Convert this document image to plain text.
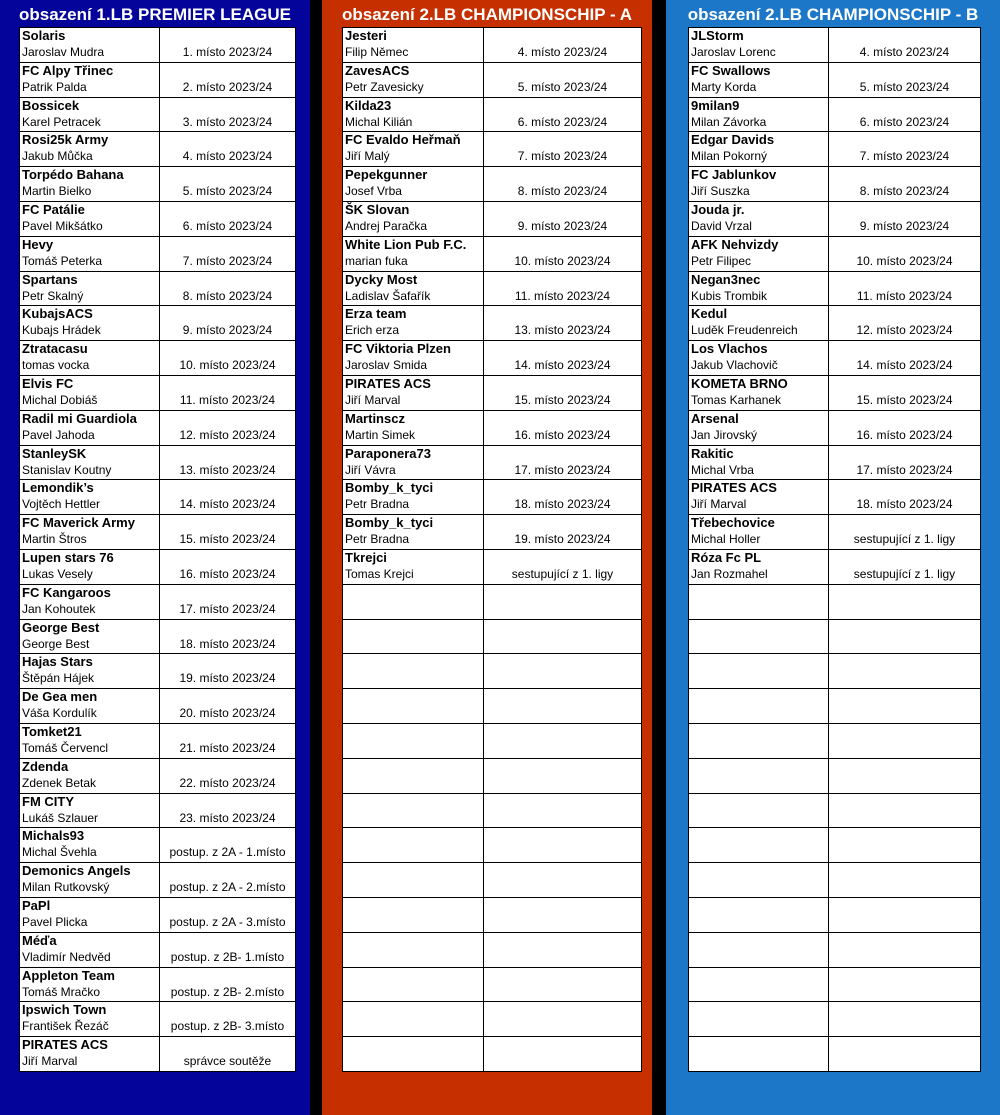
obsazení 1.LB PREMIER LEAGUE
Solaris
Jaroslav Mudra	1. místo 2023/24

FC Alpy Třinec
Patrik Palda	2. místo 2023/24

Bossicek
Karel Petracek	3. místo 2023/24

Rosi25k Army
Jakub Můčka	4. místo 2023/24

Torpédo Bahana
Martin Bielko	5. místo 2023/24

FC Patálie
Pavel Mikšátko	6. místo 2023/24

Hevy
Tomáš Peterka	7. místo 2023/24

Spartans
Petr Skalný	8. místo 2023/24

KubajsACS
Kubajs Hrádek	9. místo 2023/24

Ztratacasu
tomas vocka	10. místo 2023/24

Elvis FC
Michal Dobiáš	11. místo 2023/24

Radil mi Guardiola
Pavel Jahoda	12. místo 2023/24

StanleySK
Stanislav Koutny	13. místo 2023/24

Lemondik’s
Vojtěch Hettler	14. místo 2023/24

FC Maverick Army
Martin Štros	15. místo 2023/24

Lupen stars 76
Lukas Vesely	16. místo 2023/24

FC Kangaroos
Jan Kohoutek	17. místo 2023/24

George Best
George Best	18. místo 2023/24

Hajas Stars
Štěpán Hájek	19. místo 2023/24

De Gea men
Váša Kordulík	20. místo 2023/24

Tomket21
Tomáš Červencl	21. místo 2023/24

Zdenda
Zdenek Betak	22. místo 2023/24

FM CITY
Lukáš Szlauer	23. místo 2023/24

Michals93
Michal Švehla	postup. z 2A - 1.místo

Demonics Angels
Milan Rutkovský	postup. z 2A - 2.místo

PaPl
Pavel Plicka	postup. z 2A - 3.místo

Méďa
Vladimír Nedvěd	postup. z 2B- 1.místo

Appleton Team
Tomáš Mračko	postup. z 2B- 2.místo

Ipswich Town
František Řezáč	postup. z 2B- 3.místo

PIRATES ACS
Jiří Marval	správce soutěže
obsazení 2.LB CHAMPIONSCHIP - A
Jesteri
Filip Němec	4. místo 2023/24

ZavesACS
Petr Zavesicky	5. místo 2023/24

Kilda23
Michal Kilián	6. místo 2023/24

FC Evaldo Heřmaň
Jiří Malý	7. místo 2023/24

Pepekgunner
Josef Vrba	8. místo 2023/24

ŠK Slovan
Andrej Paračka	9. místo 2023/24

White Lion Pub F.C.
marian fuka	10. místo 2023/24

Dycky Most
Ladislav Šafařík	11. místo 2023/24

Erza team
Erich erza	13. místo 2023/24

FC Viktoria Plzen
Jaroslav Smida	14. místo 2023/24

PIRATES ACS
Jiří Marval	15. místo 2023/24

Martinscz
Martin Simek	16. místo 2023/24

Paraponera73
Jiří Vávra	17. místo 2023/24

Bomby_k_tyci
Petr Bradna	18. místo 2023/24

Bomby_k_tyci
Petr Bradna	19. místo 2023/24

Tkrejci
Tomas Krejci	sestupující z 1. ligy

obsazení 2.LB CHAMPIONSCHIP - B
JLStorm
Jaroslav Lorenc	4. místo 2023/24

FC Swallows
Marty Korda	5. místo 2023/24

9milan9
Milan Závorka	6. místo 2023/24

Edgar Davids
Milan Pokorný	7. místo 2023/24

FC Jablunkov
Jiří Suszka	8. místo 2023/24

Jouda jr.
David Vrzal	9. místo 2023/24

AFK Nehvizdy
Petr Filipec	10. místo 2023/24

Negan3nec
Kubis Trombik	11. místo 2023/24

Kedul
Luděk Freudenreich	12. místo 2023/24

Los Vlachos
Jakub Vlachovič	14. místo 2023/24

KOMETA BRNO
Tomas Karhanek	15. místo 2023/24

Arsenal
Jan Jirovský	16. místo 2023/24

Rakitic
Michal Vrba	17. místo 2023/24

PIRATES ACS
Jiří Marval	18. místo 2023/24

Třebechovice
Michal Holler	sestupující z 1. ligy

Róza Fc PL
Jan Rozmahel	sestupující z 1. ligy
